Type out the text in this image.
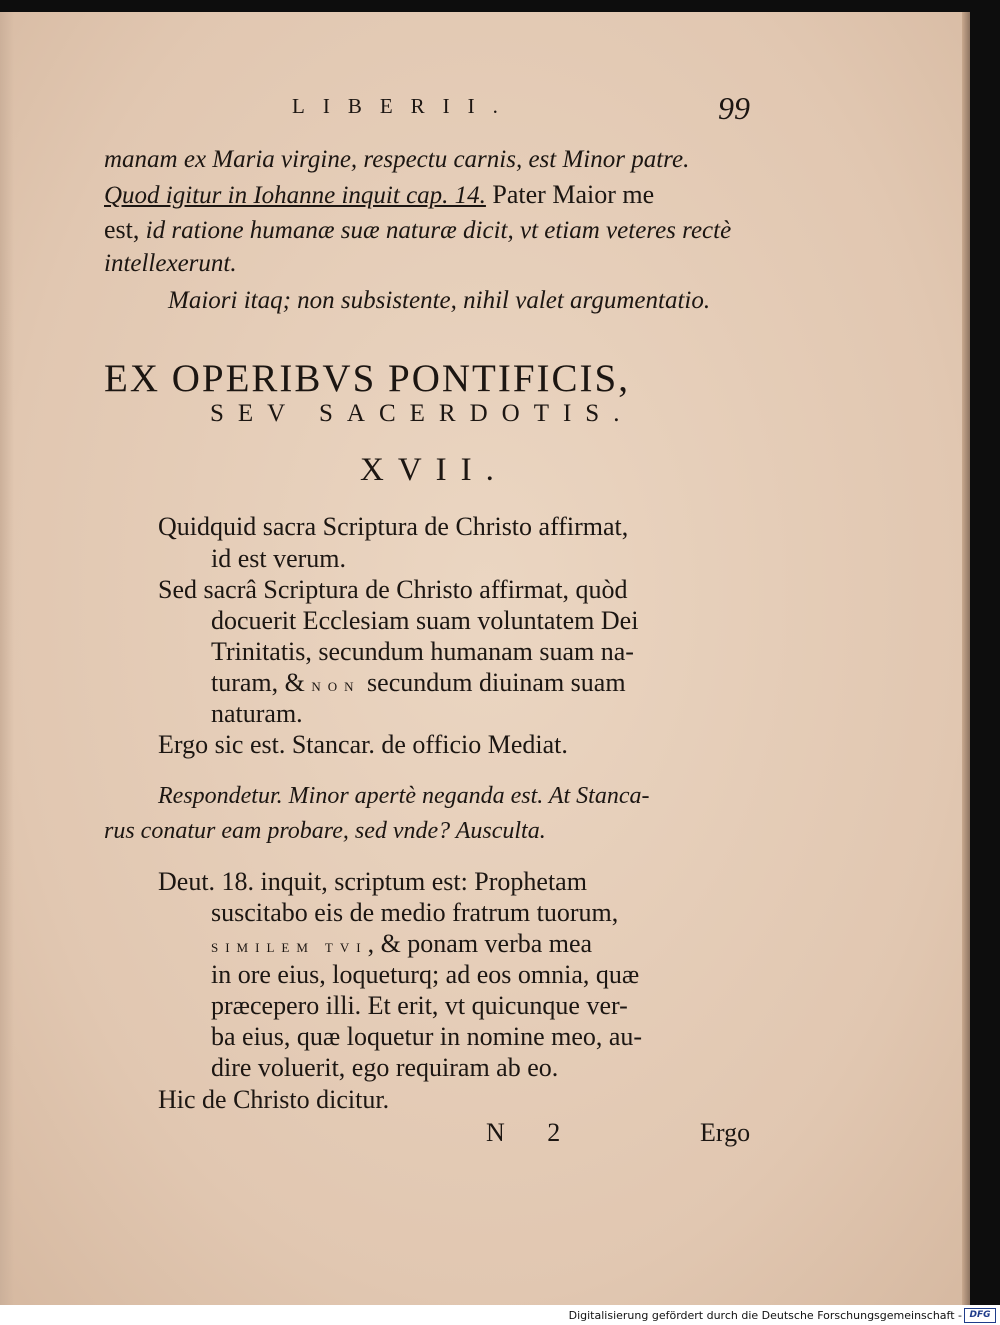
LIBERII.	99
manam ex Maria virgine, respectu carnis, est Minor patre.
Quod igitur in Iohanne inquit cap. 14. Pater Maior me
est, id ratione humanæ suæ naturæ dicit, vt etiam veteres rectè
intellexerunt.
Maiori itaq; non subsistente, nihil valet argumentatio.
EX OPERIBVS PONTIFICIS,
SEV SACERDOTIS.
XVII.
Quidquid sacra Scriptura de Christo affirmat,
id est verum.
Sed sacrâ Scriptura de Christo affirmat, quòd
docuerit Ecclesiam suam voluntatem Dei
Trinitatis, secundum humanam suam na-
turam, & NON secundum diuinam suam
naturam.
Ergo sic est. Stancar. de officio Mediat.
Respondetur. Minor apertè neganda est. At Stanca-
rus conatur eam probare, sed vnde? Ausculta.
Deut. 18. inquit, scriptum est: Prophetam
suscitabo eis de medio fratrum tuorum,
SIMILEM TVI, & ponam verba mea
in ore eius, loqueturq; ad eos omnia, quæ
præcepero illi. Et erit, vt quicunque ver-
ba eius, quæ loquetur in nomine meo, au-
dire voluerit, ego requiram ab eo.
Hic de Christo dicitur.
N 2	Ergo
Digitalisierung gefördert durch die Deutsche Forschungsgemeinschaft - DFG
